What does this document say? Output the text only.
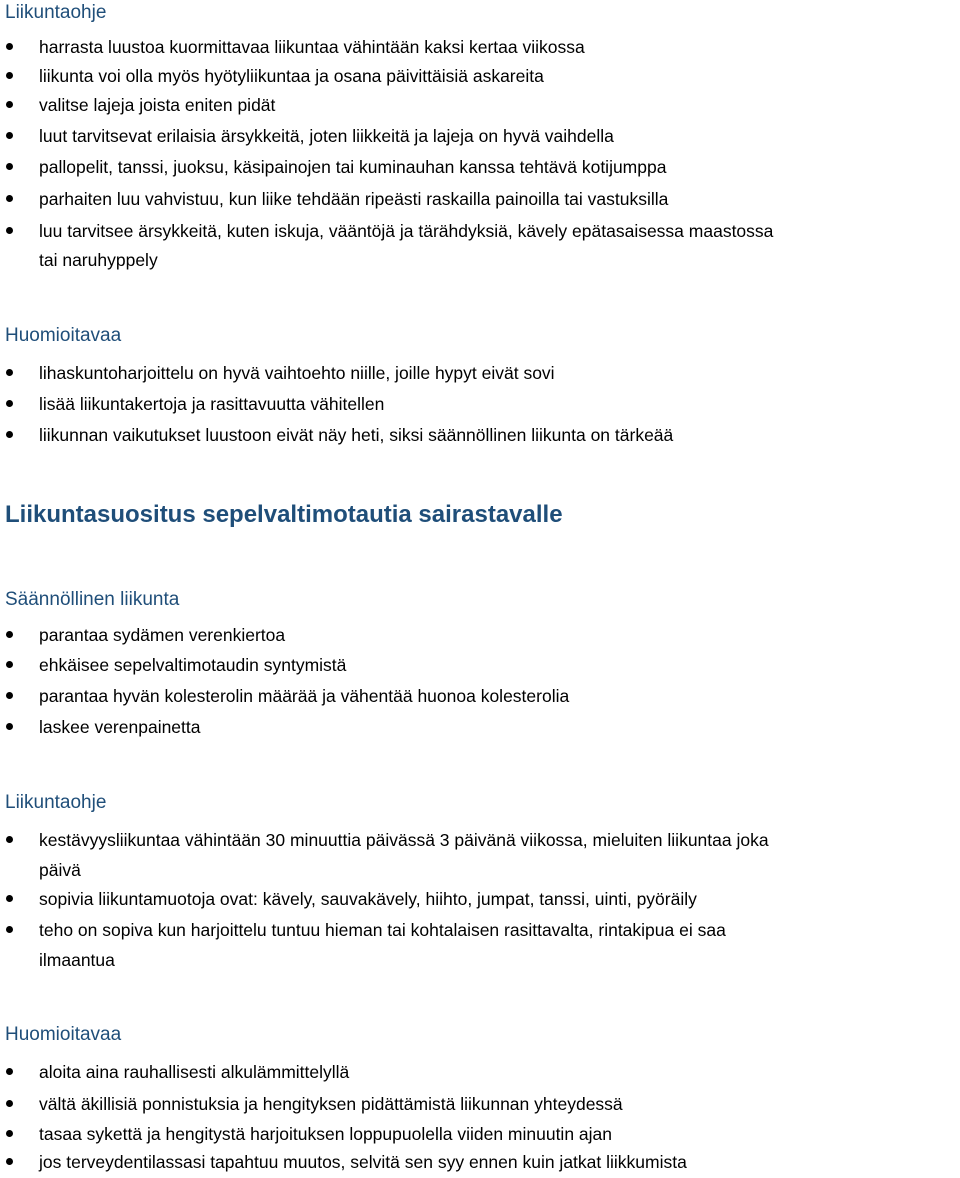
Liikuntaohje
harrasta luustoa kuormittavaa liikuntaa vähintään kaksi kertaa viikossa
liikunta voi olla myös hyötyliikuntaa ja osana päivittäisiä askareita
valitse lajeja joista eniten pidät
luut tarvitsevat erilaisia ärsykkeitä, joten liikkeitä ja lajeja on hyvä vaihdella
pallopelit, tanssi, juoksu, käsipainojen tai kuminauhan kanssa tehtävä kotijumppa
parhaiten luu vahvistuu, kun liike tehdään ripeästi raskailla painoilla tai vastuksilla
luu tarvitsee ärsykkeitä, kuten iskuja, vääntöjä ja tärähdyksiä, kävely epätasaisessa maastossa
tai naruhyppely
Huomioitavaa
lihaskuntoharjoittelu on hyvä vaihtoehto niille, joille hypyt eivät sovi
lisää liikuntakertoja ja rasittavuutta vähitellen
liikunnan vaikutukset luustoon eivät näy heti, siksi säännöllinen liikunta on tärkeää
Liikuntasuositus sepelvaltimotautia sairastavalle
Säännöllinen liikunta
parantaa sydämen verenkiertoa
ehkäisee sepelvaltimotaudin syntymistä
parantaa hyvän kolesterolin määrää ja vähentää huonoa kolesterolia
laskee verenpainetta
Liikuntaohje
kestävyysliikuntaa vähintään 30 minuuttia päivässä 3 päivänä viikossa, mieluiten liikuntaa joka
päivä
sopivia liikuntamuotoja ovat: kävely, sauvakävely, hiihto, jumpat, tanssi, uinti, pyöräily
teho on sopiva kun harjoittelu tuntuu hieman tai kohtalaisen rasittavalta, rintakipua ei saa
ilmaantua
Huomioitavaa
aloita aina rauhallisesti alkulämmittelyllä
vältä äkillisiä ponnistuksia ja hengityksen pidättämistä liikunnan yhteydessä
tasaa sykettä ja hengitystä harjoituksen loppupuolella viiden minuutin ajan
jos terveydentilassasi tapahtuu muutos, selvitä sen syy ennen kuin jatkat liikkumista
